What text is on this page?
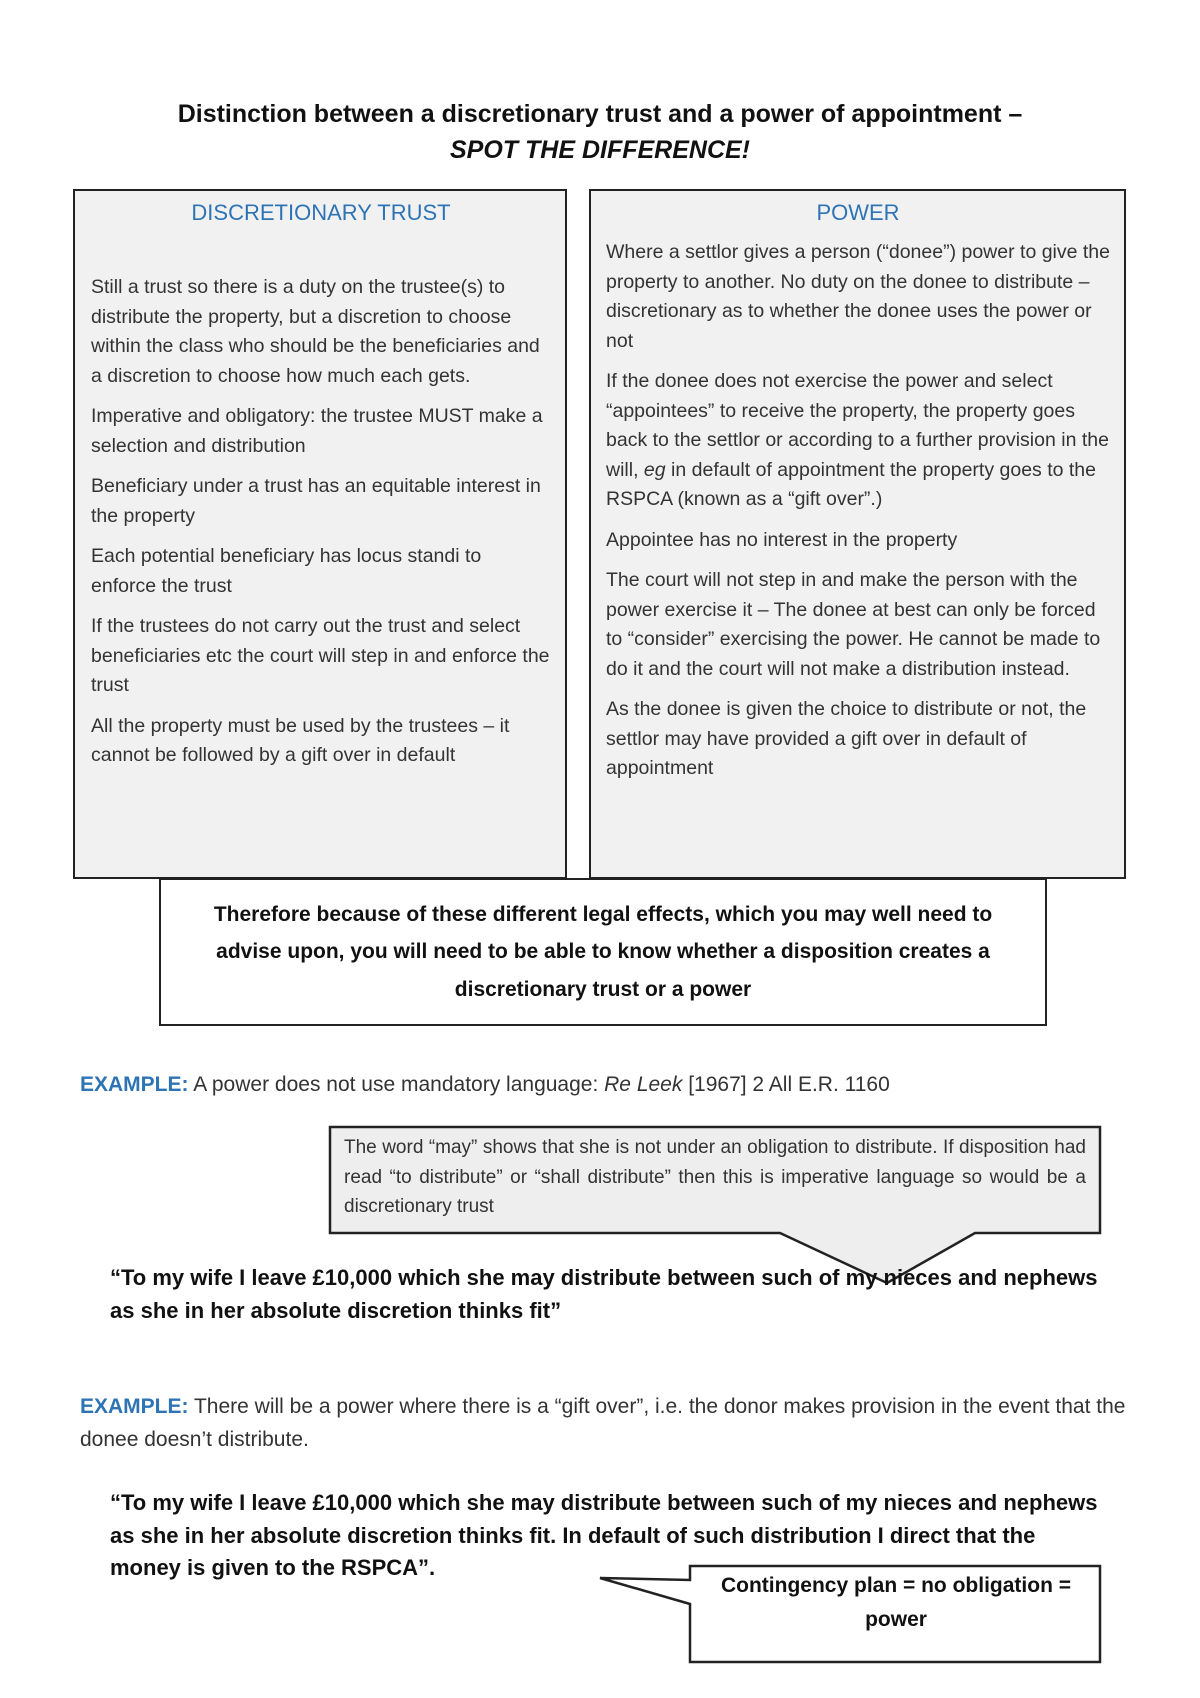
Distinction between a discretionary trust and a power of appointment –
SPOT THE DIFFERENCE!
DISCRETIONARY TRUST

Still a trust so there is a duty on the trustee(s) to distribute the property, but a discretion to choose within the class who should be the beneficiaries and a discretion to choose how much each gets.

Imperative and obligatory: the trustee MUST make a selection and distribution

Beneficiary under a trust has an equitable interest in the property

Each potential beneficiary has locus standi to enforce the trust

If the trustees do not carry out the trust and select beneficiaries etc the court will step in and enforce the trust

All the property must be used by the trustees – it cannot be followed by a gift over in default

POWER

Where a settlor gives a person (“donee”) power to give the property to another. No duty on the donee to distribute – discretionary as to whether the donee uses the power or not

If the donee does not exercise the power and select “appointees” to receive the property, the property goes back to the settlor or according to a further provision in the will, eg in default of appointment the property goes to the RSPCA (known as a “gift over”.)

Appointee has no interest in the property

The court will not step in and make the person with the power exercise it – The donee at best can only be forced to “consider” exercising the power. He cannot be made to do it and the court will not make a distribution instead.

As the donee is given the choice to distribute or not, the settlor may have provided a gift over in default of appointment

Therefore because of these different legal effects, which you may well need to advise upon, you will need to be able to know whether a disposition creates a discretionary trust or a power
EXAMPLE: A power does not use mandatory language: Re Leek [1967] 2 All E.R. 1160

The word “may” shows that she is not under an obligation to distribute. If disposition had read “to distribute” or “shall distribute” then this is imperative language so would be a discretionary trust

“To my wife I leave £10,000 which she may distribute between such of my nieces and nephews as she in her absolute discretion thinks fit”
EXAMPLE: There will be a power where there is a “gift over”, i.e. the donor makes provision in the event that the donee doesn’t distribute.
“To my wife I leave £10,000 which she may distribute between such of my nieces and nephews as she in her absolute discretion thinks fit. In default of such distribution I direct that the money is given to the RSPCA”.
Contingency plan = no obligation = power
